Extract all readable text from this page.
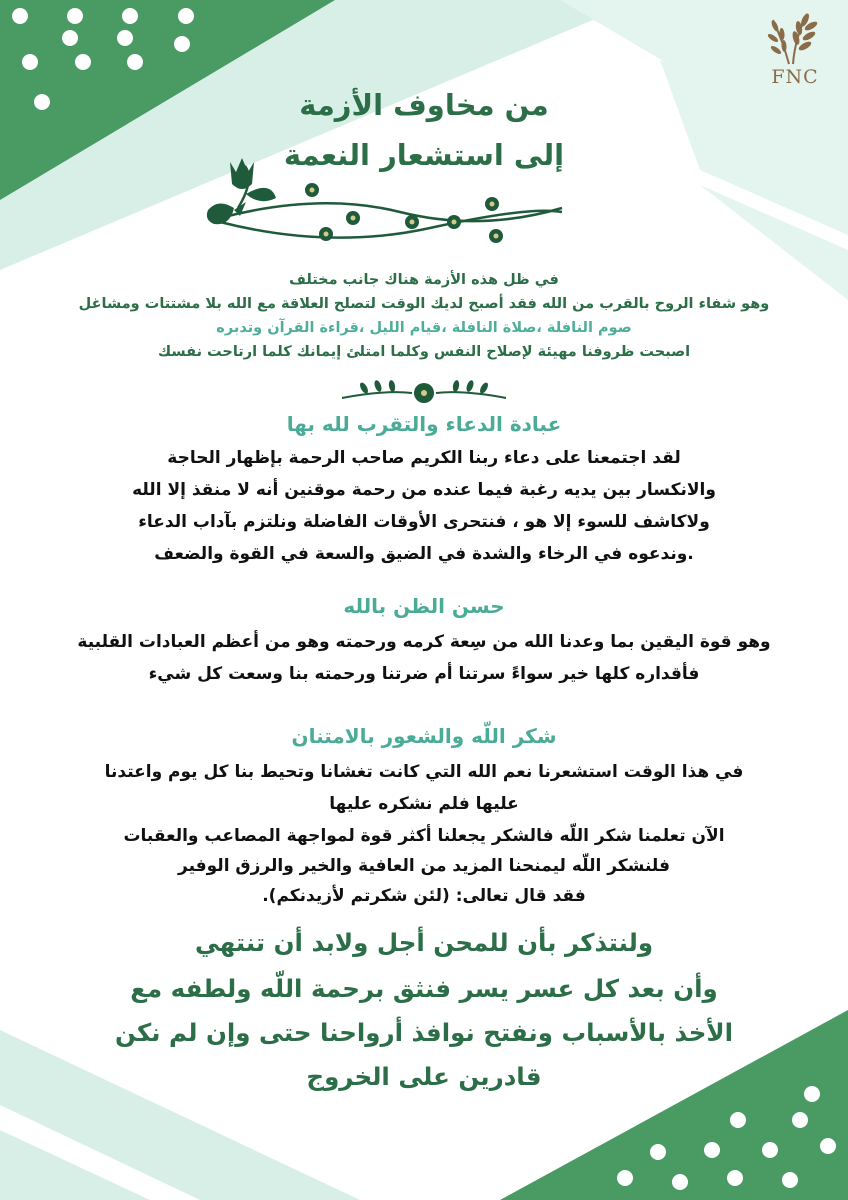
FNC
من مخاوف الأزمة
إلى استشعار النعمة
في ظل هذه الأزمة هناك جانب مختلف
وهو شفاء الروح بالقرب من الله فقد أصبح لديك الوقت لتصلح العلاقة مع الله بلا مشتتات ومشاغل
صوم النافلة ،صلاة النافلة ،قيام الليل ،قراءة القرآن وتدبره
اصبحت ظروفنا مهيئة لإصلاح النفس وكلما امتلئ إيمانك كلما ارتاحت نفسك
عبادة الدعاء والتقرب لله بها
لقد اجتمعنا على دعاء ربنا الكريم صاحب الرحمة بإظهار الحاجة
والانكسار بين يديه رغبة فيما عنده من رحمة موقنين أنه لا منقذ إلا الله
ولاكاشف للسوء إلا هو ، فنتحرى الأوقات الفاضلة ونلتزم بآداب الدعاء
.وندعوه في الرخاء والشدة في الضيق والسعة في القوة والضعف
حسن الظن بالله
وهو قوة اليقين بما وعدنا الله من سِعة كرمه ورحمته وهو من أعظم العبادات القلبية
فأقداره كلها خير سواءً سرتنا أم ضرتنا ورحمته بنا وسعت كل شيء
شكر اللّه والشعور بالامتنان
في هذا الوقت استشعرنا نعم الله التي كانت تغشانا وتحيط بنا كل يوم واعتدنا
عليها فلم نشكره عليها
الآن تعلمنا شكر اللّه فالشكر يجعلنا أكثر قوة لمواجهة المصاعب والعقبات
فلنشكر اللّه ليمنحنا المزيد من العافية والخير والرزق الوفير
فقد قال تعالى: (لئن شكرتم لأزيدنكم).
ولنتذكر بأن للمحن أجل ولابد أن تنتهي
وأن بعد كل عسر يسر فنثق برحمة اللّه ولطفه مع
الأخذ بالأسباب ونفتح نوافذ أرواحنا حتى وإن لم نكن
قادرين على الخروج
